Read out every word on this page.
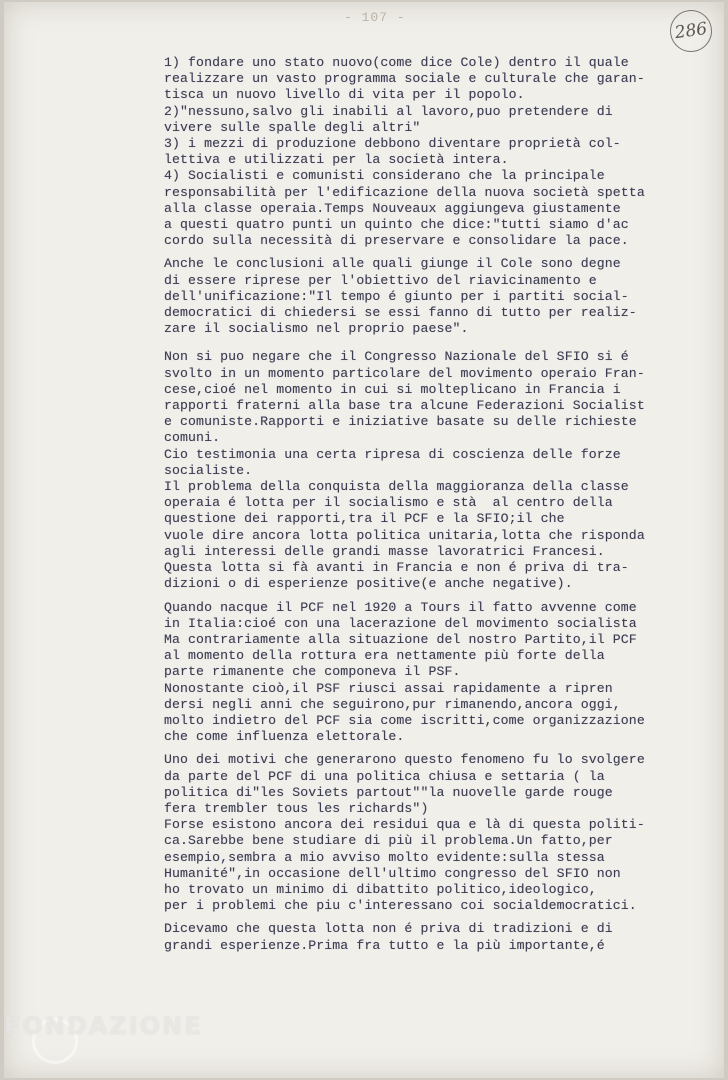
- 107 -
286
1) fondare uno stato nuovo(come dice Cole) dentro il quale
realizzare un vasto programma sociale e culturale che garan-
tisca un nuovo livello di vita per il popolo.
2)"nessuno,salvo gli inabili al lavoro,puo pretendere di
vivere sulle spalle degli altri"
3) i mezzi di produzione debbono diventare proprietà col-
lettiva e utilizzati per la società intera.
4) Socialisti e comunisti considerano che la principale
responsabilità per l'edificazione della nuova società spetta
alla classe operaia.Temps Nouveaux aggiungeva giustamente
a questi quatro punti un quinto che dice:"tutti siamo d'ac
cordo sulla necessità di preservare e consolidare la pace.
Anche le conclusioni alle quali giunge il Cole sono degne
di essere riprese per l'obiettivo del riavicinamento e
dell'unificazione:"Il tempo é giunto per i partiti social-
democratici di chiedersi se essi fanno di tutto per realiz-
zare il socialismo nel proprio paese".
Non si puo negare che il Congresso Nazionale del SFIO si é
svolto in un momento particolare del movimento operaio Fran-
cese,cioé nel momento in cui si molteplicano in Francia i
rapporti fraterni alla base tra alcune Federazioni Socialist
e comuniste.Rapporti e iniziative basate su delle richieste
comuni.
Cio testimonia una certa ripresa di coscienza delle forze
socialiste.
Il problema della conquista della maggioranza della classe
operaia é lotta per il socialismo e stà  al centro della
questione dei rapporti,tra il PCF e la SFIO;il che
vuole dire ancora lotta politica unitaria,lotta che risponda
agli interessi delle grandi masse lavoratrici Francesi.
Questa lotta si fà avanti in Francia e non é priva di tra-
dizioni o di esperienze positive(e anche negative).
Quando nacque il PCF nel 1920 a Tours il fatto avvenne come
in Italia:cioé con una lacerazione del movimento socialista
Ma contrariamente alla situazione del nostro Partito,il PCF
al momento della rottura era nettamente più forte della
parte rimanente che componeva il PSF.
Nonostante cioò,il PSF riusci assai rapidamente a ripren
dersi negli anni che seguirono,pur rimanendo,ancora oggi,
molto indietro del PCF sia come iscritti,come organizzazione
che come influenza elettorale.
Uno dei motivi che generarono questo fenomeno fu lo svolgere
da parte del PCF di una politica chiusa e settaria ( la
politica di"les Soviets partout""la nuovelle garde rouge
fera trembler tous les richards")
Forse esistono ancora dei residui qua e là di questa politi-
ca.Sarebbe bene studiare di più il problema.Un fatto,per
esempio,sembra a mio avviso molto evidente:sulla stessa
Humanité",in occasione dell'ultimo congresso del SFIO non
ho trovato un minimo di dibattito politico,ideologico,
per i problemi che piu c'interessano coi socialdemocratici.
Dicevamo che questa lotta non é priva di tradizioni e di
grandi esperienze.Prima fra tutto e la più importante,é
FONDAZIONE
